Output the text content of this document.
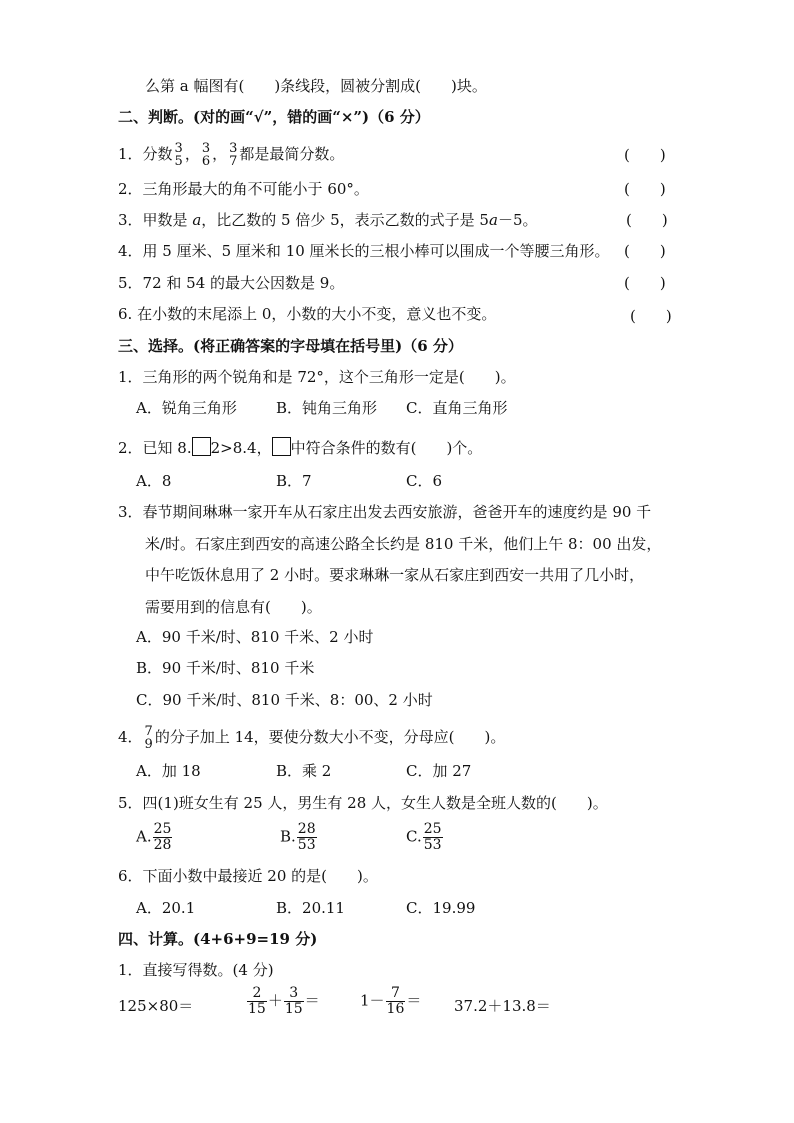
么第 a 幅图有(　　)条线段，圆被分割成(　　)块。
二、判断。(对的画“√”，错的画“×”)（6 分）
1．分数 3
5 ， 3
6 ， 3
7 都是最简分数。	(　　)
2．三角形最大的角不可能小于 60°。	(　　)
3．甲数是 a，比乙数的 5 倍少 5，表示乙数的式子是 5a－5。	(　　)
4．用 5 厘米、5 厘米和 10 厘米长的三根小棒可以围成一个等腰三角形。 (　　)
5．72 和 54 的最大公因数是 9。	(　　)
6. 在小数的末尾添上 0，小数的大小不变，意义也不变。	(　　)
三、选择。(将正确答案的字母填在括号里)（6 分）
1．三角形的两个锐角和是 72°，这个三角形一定是(　　)。
A．锐角三角形	B．钝角三角形 C．直角三角形
2．已知 8. 2>8.4， 中符合条件的数有(　　)个。
A．8	B．7	C．6
3．春节期间琳琳一家开车从石家庄出发去西安旅游，爸爸开车的速度约是 90 千
米/时。石家庄到西安的高速公路全长约是 810 千米，他们上午 8：00 出发，
中午吃饭休息用了 2 小时。要求琳琳一家从石家庄到西安一共用了几小时，
需要用到的信息有(　　)。
A．90 千米/时、810 千米、2 小时
B．90 千米/时、810 千米
C．90 千米/时、810 千米、8：00、2 小时
4． 7
9 的分子加上 14，要使分数大小不变，分母应(　　)。
A．加 18	B．乘 2	C．加 27
5．四(1)班女生有 25 人，男生有 28 人，女生人数是全班人数的(　　)。
A. $\frac{25}{28}$	B. $\frac{28}{53}$	C. $\frac{25}{53}$
6．下面小数中最接近 20 的是(　　)。
A．20.1	B．20.11	C．19.99
四、计算。(4+6+9=19 分)
1．直接写得数。(4 分)
125×80＝	$\frac{2}{15} + \frac{3}{15}$ ＝	$1- \frac{7}{16} = 37.2+13.8=$
